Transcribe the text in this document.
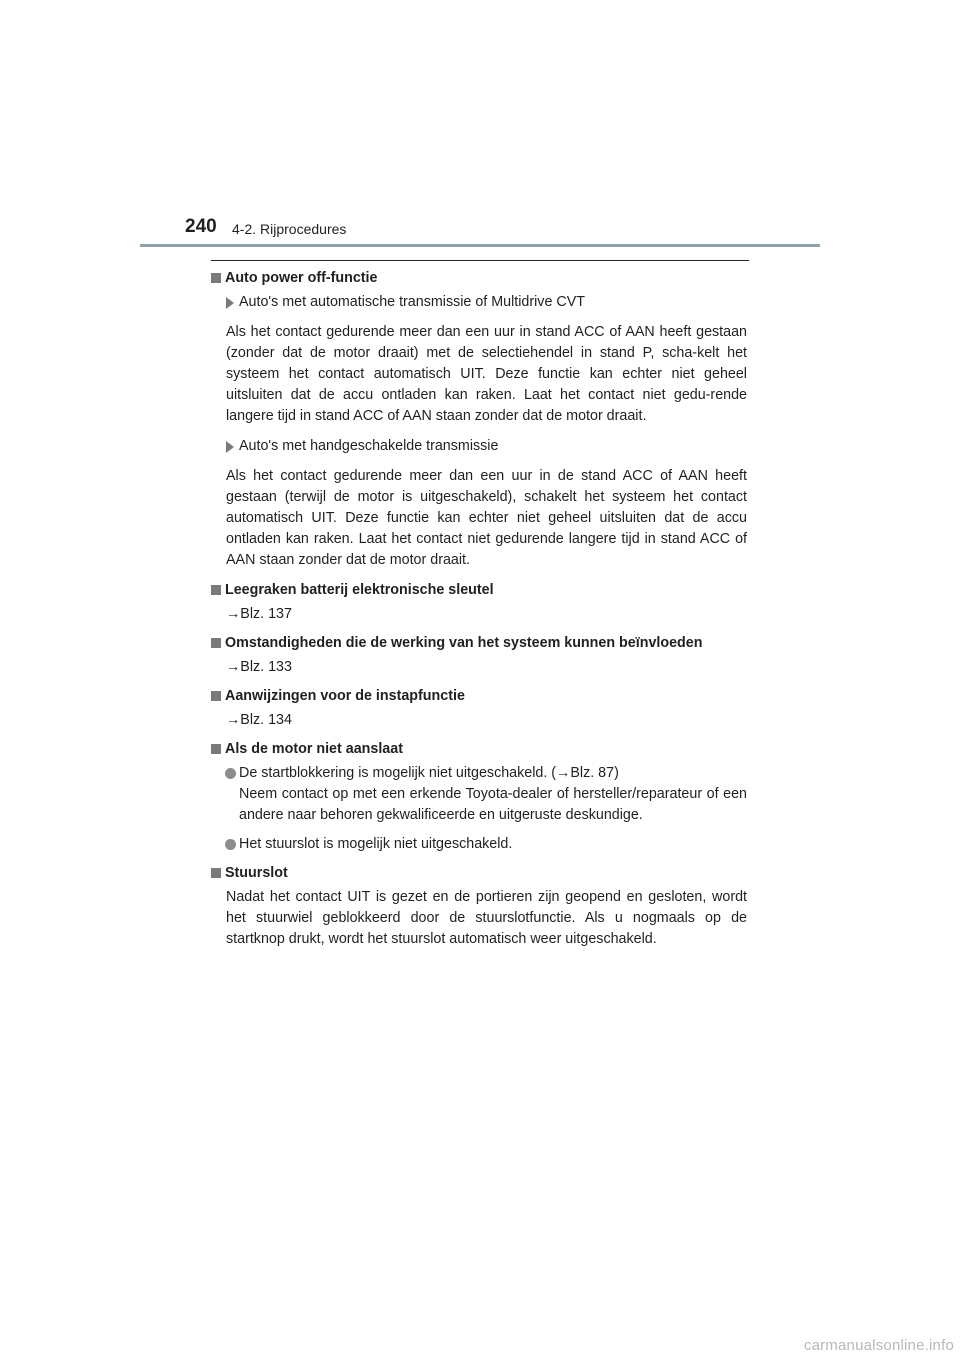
240 4-2. Rijprocedures
Auto power off-functie
Auto's met automatische transmissie of Multidrive CVT
Als het contact gedurende meer dan een uur in stand ACC of AAN heeft gestaan (zonder dat de motor draait) met de selectiehendel in stand P, scha-kelt het systeem het contact automatisch UIT. Deze functie kan echter niet geheel uitsluiten dat de accu ontladen kan raken. Laat het contact niet gedu-rende langere tijd in stand ACC of AAN staan zonder dat de motor draait.
Auto's met handgeschakelde transmissie
Als het contact gedurende meer dan een uur in de stand ACC of AAN heeft gestaan (terwijl de motor is uitgeschakeld), schakelt het systeem het contact automatisch UIT. Deze functie kan echter niet geheel uitsluiten dat de accu ontladen kan raken. Laat het contact niet gedurende langere tijd in stand ACC of AAN staan zonder dat de motor draait.
Leegraken batterij elektronische sleutel
→Blz. 137
Omstandigheden die de werking van het systeem kunnen beïnvloeden
→Blz. 133
Aanwijzingen voor de instapfunctie
→Blz. 134
Als de motor niet aanslaat
De startblokkering is mogelijk niet uitgeschakeld. (→Blz. 87)
Neem contact op met een erkende Toyota-dealer of hersteller/reparateur of een andere naar behoren gekwalificeerde en uitgeruste deskundige.
Het stuurslot is mogelijk niet uitgeschakeld.
Stuurslot
Nadat het contact UIT is gezet en de portieren zijn geopend en gesloten, wordt het stuurwiel geblokkeerd door de stuurslotfunctie. Als u nogmaals op de startknop drukt, wordt het stuurslot automatisch weer uitgeschakeld.
carmanualsonline.info
